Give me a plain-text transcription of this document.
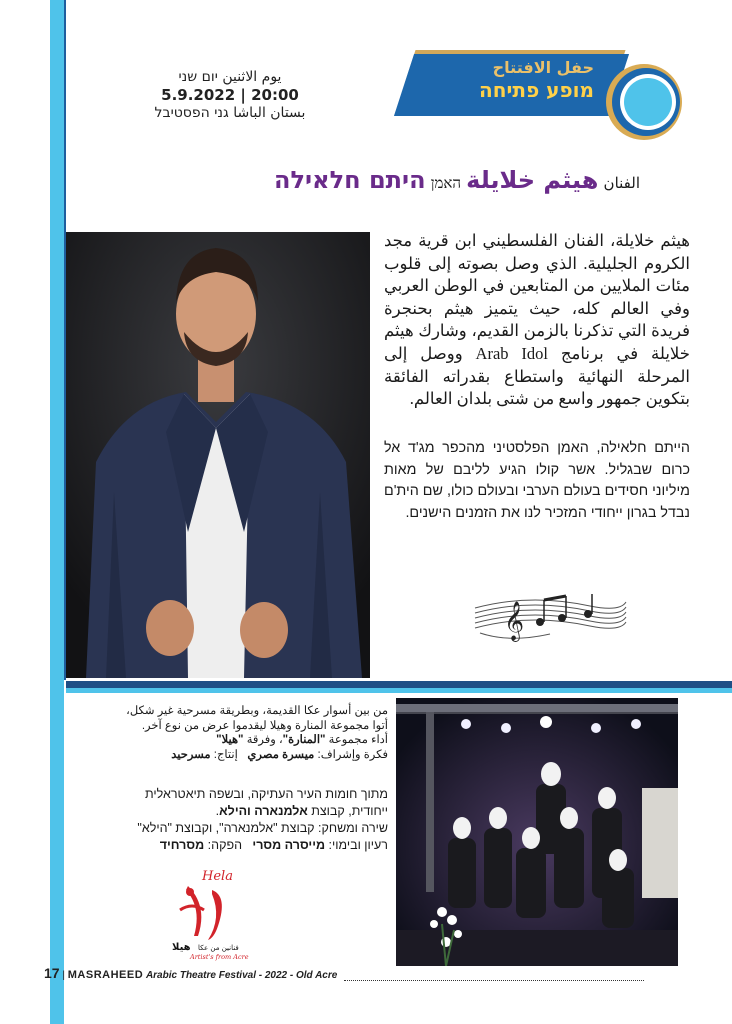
حفل الافتتاح
מופע פתיחה
يوم الاثنين יום שני
5.9.2022 | 20:00
بستان الباشا גני הפסטיבל
الفنان هيثم خلايلة האמן היתם חלאילה
هيثم خلايلة، الفنان الفلسطيني ابن قرية مجد الكروم الجليلية. الذي وصل بصوته إلى قلوب مئات الملايين من المتابعين في الوطن العربي وفي العالم كله، حيث يتميز هيثم بحنجرة فريدة التي تذكرنا بالزمن القديم، وشارك هيثم خلايلة في برنامج Arab Idol ووصل إلى المرحلة النهائية واستطاع بقدراته الفائقة بتكوين جمهور واسع من شتى بلدان العالم.
הייתם חלאילה, האמן הפלסטיני מהכפר מג'ד אל כרום שבגליל. אשר קולו הגיע לליבם של מאות מיליוני חסידים בעולם הערבי ובעולם כולו, שם הית'ם נבדל בגרון ייחודי המזכיר לנו את הזמנים הישנים.
𝄞
من بين أسوار عكا القديمة، وبطريقة مسرحية غير شكل،
أتوا مجموعة المنارة وهيلا ليقدموا عرض من نوع آخر.
أداء مجموعة "المنارة"، وفرقة "هيلا"
فكرة وإشراف: ميسرة مصري   إنتاج: مسرحيد
מתוך חומות העיר העתיקה, ובשפה תיאטראלית
ייחודית, קבוצת אלמנארה והילא.
שירה ומשחק: קבוצת "אלמנארה", וקבוצת "הילא"
רעיון ובימוי: מייסרה מסרי   הפקה: מסרחיד
Hela
هيلا فنانين من عكا
Artist's from Acre
17 | MASRAHEED Arabic Theatre Festival - 2022 - Old Acre
